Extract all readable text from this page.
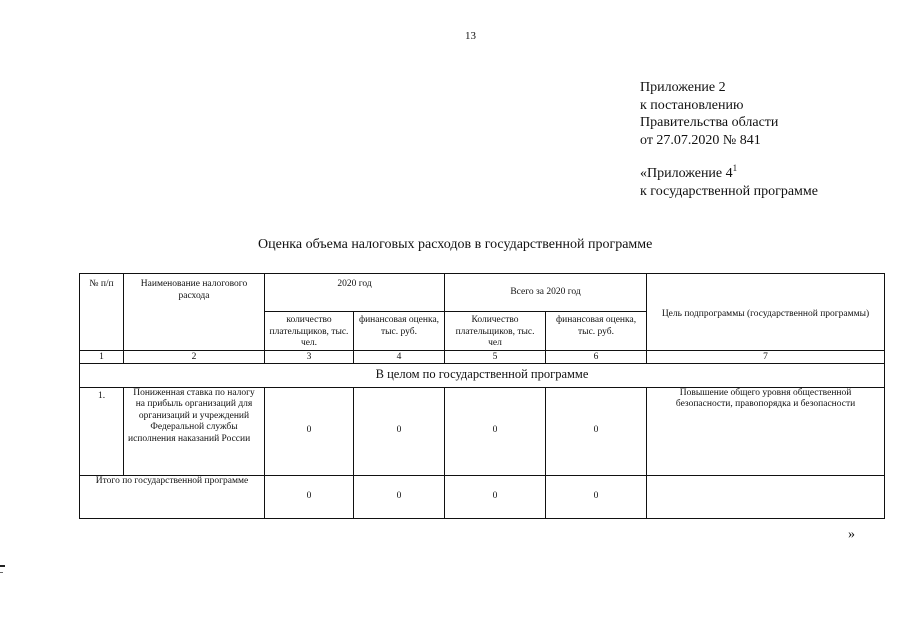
13
Приложение 2
к постановлению
Правительства области
от 27.07.2020 № 841
«Приложение $4^1$
к государственной программе
Оценка объема налоговых расходов в государственной программе
№ п/п	Наименование налогового расхода	2020 год		Всего за 2020 год		Цель подпрограммы (государственной программы)
		количество плательщиков, тыс. чел.	финансовая оценка, тыс. руб.	Количество плательщиков, тыс. чел	финансовая оценка, тыс. руб.	
1	2	3	4	5	6	7
В целом по государственной программе						
1.	Пониженная ставка по налогу на прибыль организаций для организаций и учреждений Федеральной службы исполнения наказаний России	0	0	0	0	Повышение общего уровня общественной безопасности, правопорядка и безопасности
Итого по государственной программе		0	0	0	0	
»
